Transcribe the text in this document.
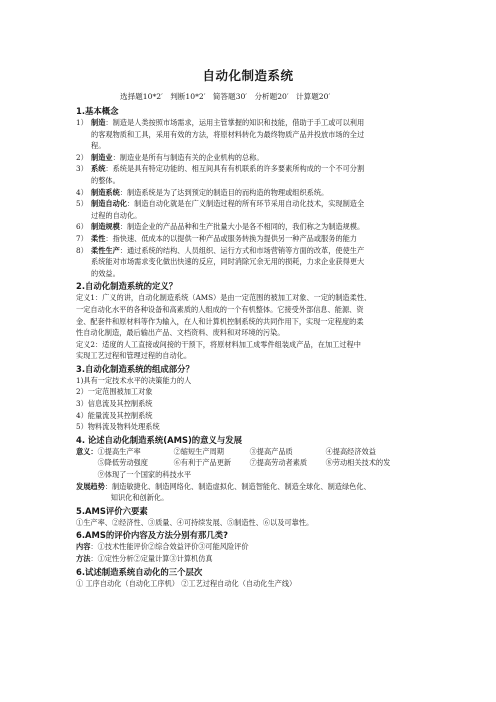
自动化制造系统
选择题10*2′ 判断10*2′ 简答题30′ 分析题20′ 计算题20′
1.基本概念
1） 制造：制造是人类按照市场需求，运用主管掌握的知识和技能，借助于手工或可以利用
的客观物质和工具，采用有效的方法，将原材料转化为最终物质产品并投放市场的全过
程。
2） 制造业：制造业是所有与制造有关的企业机构的总称。
3） 系统：系统是具有特定功能的、相互间具有有机联系的许多要素所构成的一个不可分割
的整体。
4） 制造系统：制造系统是为了达到预定的制造目的而构造的物理或组织系统。
5） 制造自动化：制造自动化就是在广义制造过程的所有环节采用自动化技术，实现制造全
过程的自动化。
6） 制造规模：制造企业的产品品种和生产批量大小是各不相同的，我们称之为制造规模。
7） 柔性：指快速、低成本的以提供一种产品或服务转换为提供另一种产品或服务的能力
8） 柔性生产：通过系统的结构、人员组织、运行方式和市场营销等方面的改革，使使生产
系统能对市场需求变化做出快速的反应，同时消除冗余无用的损耗，力求企业获得更大
的效益。
2.自动化制造系统的定义？
定义1：广义的讲，自动化制造系统（AMS）是由一定范围的被加工对象、一定的制造柔性、
一定自动化水平的各种设备和高素质的人组成的一个有机整体。它接受外部信息、能源、资
金、配套件和原材料等作为输入，在人和计算机控制系统的共同作用下，实现一定程度的柔
性自动化制造，最后输出产品、文档资料、废料和对环境的污染。
定义2：适度的人工直接或间接的干预下，将原材料加工成零件组装成产品，在加工过程中
实现工艺过程和管理过程的自动化。
3.自动化制造系统的组成部分？
1)具有一定技术水平的决策能力的人
2）一定范围被加工对象
3）信息流及其控制系统
4）能量流及其控制系统
5）物料流及物料处理系统
4. 论述自动化制造系统(AMS)的意义与发展
意义： ①提高生产率	②缩短生产周期	③提高产品质	④提高经济效益
⑤降低劳动强度	⑥有利于产品更新	⑦提高劳动者素质	⑧劳动相关技术的发
⑨体现了一个国家的科技水平
发展趋势 ：制造敏捷化、制造网络化、制造虚拟化、制造智能化、制造全球化、制造绿色化、
知识化和创新化。
5.AMS评价六要素
①生产率、②经济性、③质量、④可持续发展、⑤制造性、⑥以及可靠性。
6.AMS的评价内容及方法分别有那几类?
内容 ：①技术性能评价②综合效益评价③可能风险评价
方法 ：①定性分析②定量计算③计算机仿真
6.试述制造系统自动化的三个层次
① 工序自动化（自动化工序机） ②工艺过程自动化（自动化生产线）
